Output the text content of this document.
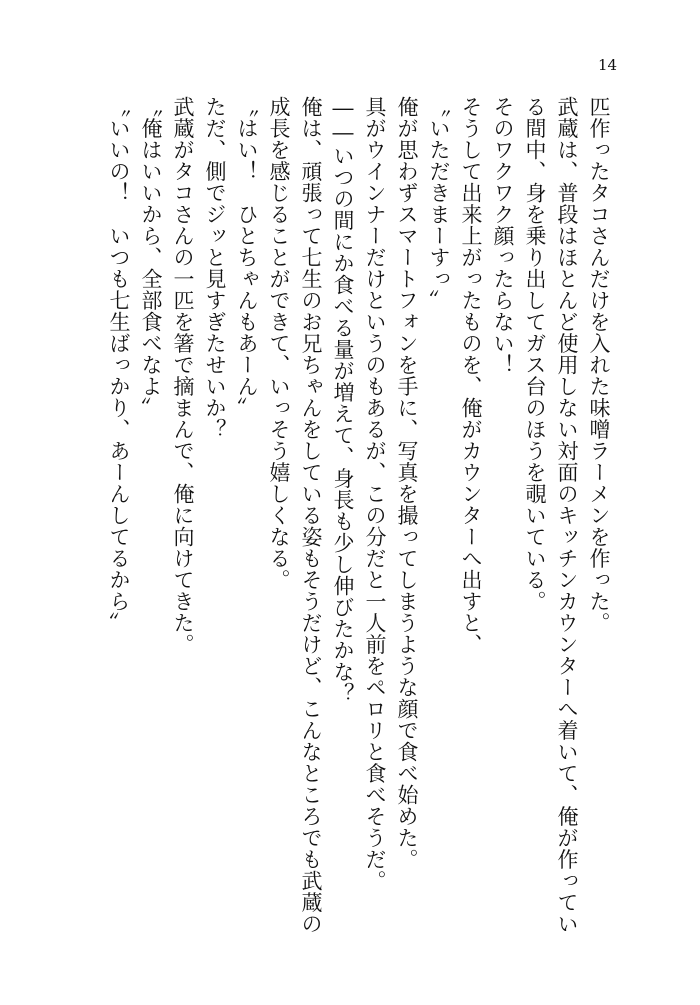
14
匹作ったタコさんだけを入れた味噌ラーメンを作った。
武蔵は、普段はほとんど使用しない対面のキッチンカウンターへ着いて、俺が作ってい
る間中、身を乗り出してガス台のほうを覗いている。
そのワクワク顔ったらない！
そうして出来上がったものを、俺がカウンターへ出すと、
〝いただきまーすっ〟
俺が思わずスマートフォンを手に、写真を撮ってしまうような顔で食べ始めた。
具がウインナーだけというのもあるが、この分だと一人前をペロリと食べそうだ。
――いつの間にか食べる量が増えて、身長も少し伸びたかな？
俺は、頑張って七生のお兄ちゃんをしている姿もそうだけど、こんなところでも武蔵の
成長を感じることができて、いっそう嬉しくなる。
〝はい！　ひとちゃんもあーん〟
ただ、側でジッと見すぎたせいか？
武蔵がタコさんの一匹を箸で摘まんで、俺に向けてきた。
〝俺はいいから、全部食べなよ〟
〝いいの！　いつも七生ばっかり、あーんしてるから〟
